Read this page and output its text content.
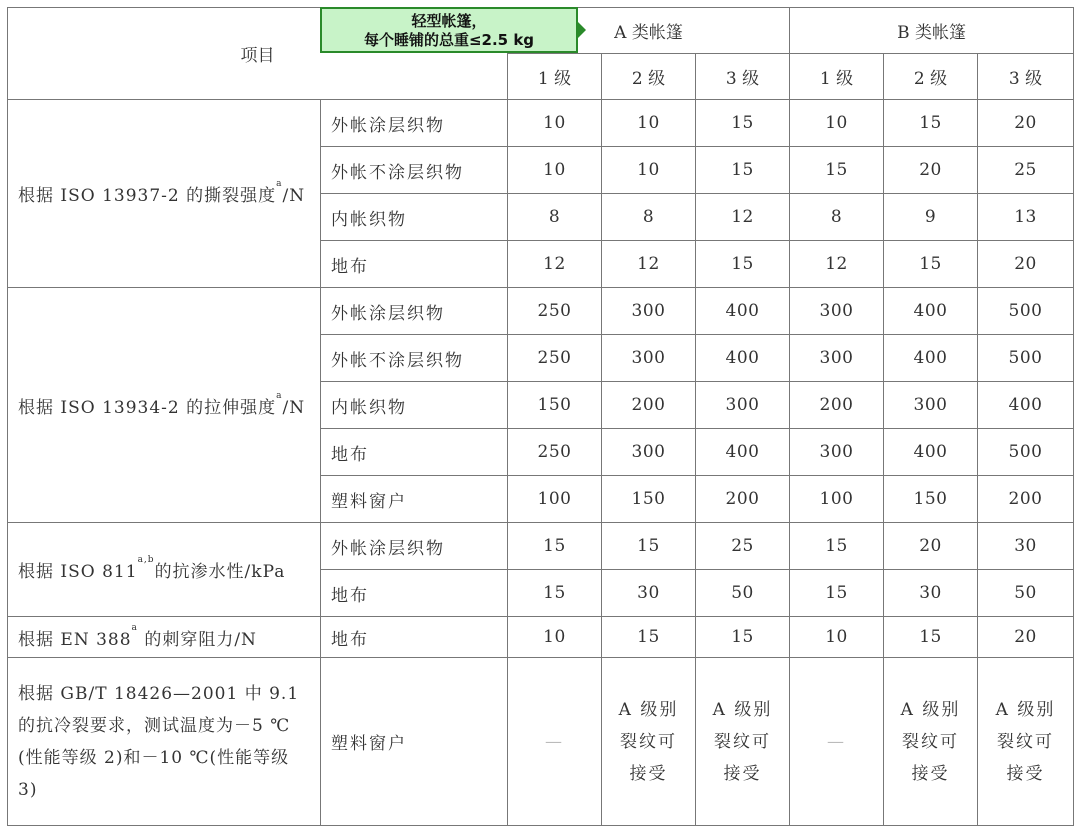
项目		A 类帐篷			B 类帐篷		
		1 级	2 级	3 级	1 级	2 级	3 级
根据 ISO 13937-2 的撕裂强度$^a$/N	外帐涂层织物	10	10	15	10	15	20
	外帐不涂层织物	10	10	15	15	20	25
	内帐织物	8	8	12	8	9	13
	地布	12	12	15	12	15	20
根据 ISO 13934-2 的拉伸强度$^a$/N	外帐涂层织物	250	300	400	300	400	500
	外帐不涂层织物	250	300	400	300	400	500
	内帐织物	150	200	300	200	300	400
	地布	250	300	400	300	400	500
	塑料窗户	100	150	200	100	150	200
根据 ISO 811$^{a,b}$的抗渗水性/kPa	外帐涂层织物	15	15	25	15	20	30
	地布	15	30	50	15	30	50
根据 EN 388$^a$ 的刺穿阻力/N	地布	10	15	15	10	15	20
根据 GB/T 18426—2001 中 9.1 的抗冷裂要求，测试温度为－5 ℃(性能等级 2)和－10 ℃(性能等级 3)	塑料窗户	—	A 级别裂纹可接受	A 级别裂纹可接受	—	A 级别裂纹可接受	A 级别裂纹可接受
轻型帐篷，
每个睡铺的总重≤2.5 kg
